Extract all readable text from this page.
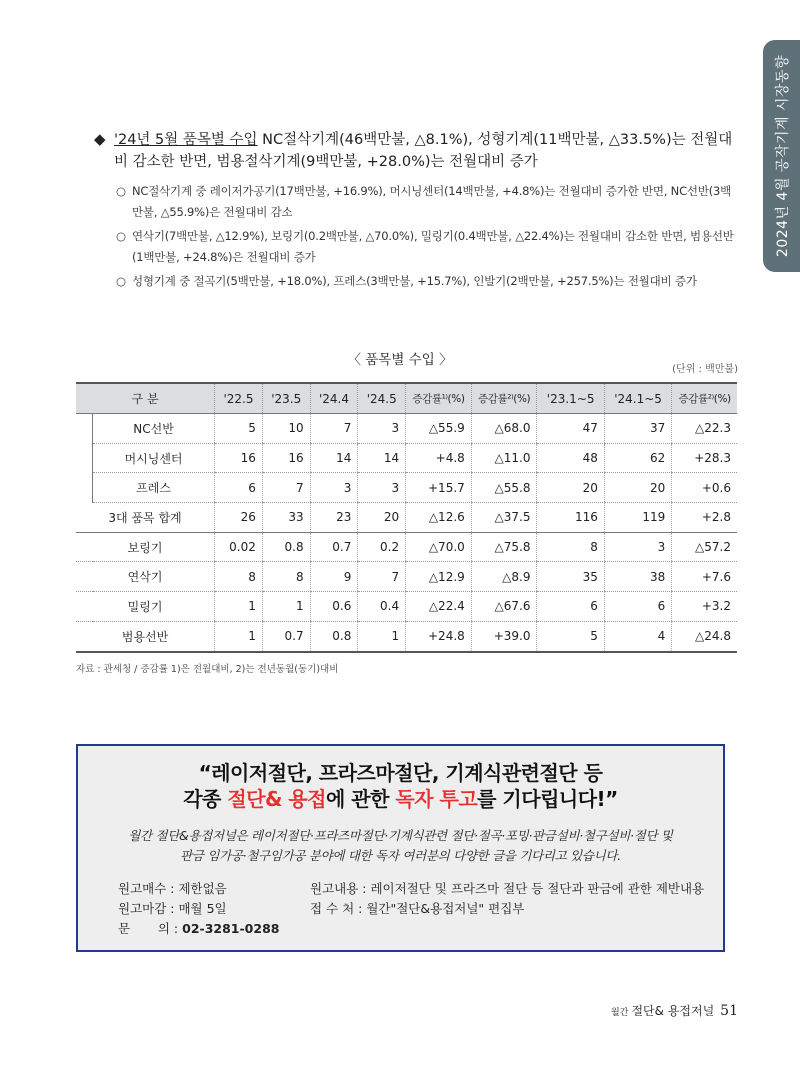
2024년 4월 공작기계 시장동향

◆ '24년 5월 품목별 수입 NC절삭기계(46백만불, △8.1%), 성형기계(11백만불, △33.5%)는 전월대비 감소한 반면, 범용절삭기계(9백만불, +28.0%)는 전월대비 증가

○ NC절삭기계 중 레이저가공기(17백만불, +16.9%), 머시닝센터(14백만불, +4.8%)는 전월대비 증가한 반면, NC선반(3백만불, △55.9%)은 전월대비 감소

○ 연삭기(7백만불, △12.9%), 보링기(0.2백만불, △70.0%), 밀링기(0.4백만불, △22.4%)는 전월대비 감소한 반면, 범용선반(1백만불, +24.8%)은 전월대비 증가

○ 성형기계 중 절곡기(5백만불, +18.0%), 프레스(3백만불, +15.7%), 인발기(2백만불, +257.5%)는 전월대비 증가

〈 품목별 수입 〉
(단위 : 백만불)
구 분		'22.5	'23.5	'24.4	'24.5	증감률¹⁾(%)	증감률²⁾(%)	'23.1~5	'24.1~5	증감률²⁾(%)
	NC선반	5	10	7	3	△55.9	△68.0	47	37	△22.3
	머시닝센터	16	16	14	14	+4.8	△11.0	48	62	+28.3
	프레스	6	7	3	3	+15.7	△55.8	20	20	+0.6
3대 품목 합계		26	33	23	20	△12.6	△37.5	116	119	+2.8
보링기		0.02	0.8	0.7	0.2	△70.0	△75.8	8	3	△57.2
연삭기		8	8	9	7	△12.9	△8.9	35	38	+7.6
밀링기		1	1	0.6	0.4	△22.4	△67.6	6	6	+3.2
범용선반		1	0.7	0.8	1	+24.8	+39.0	5	4	△24.8
자료 : 관세청 / 증감률 1)은 전월대비, 2)는 전년동월(동기)대비
“레이저절단, 프라즈마절단, 기계식관련절단 등
각종 절단& 용접에 관한 독자 투고를 기다립니다!”
월간 절단&용접저널은 레이저절단·프라즈마절단·기계식관련 절단·절곡·포밍·판금설비·철구설비·절단 및
판금 임가공·철구임가공 분야에 대한 독자 여러분의 다양한 글을 기다리고 있습니다.
원고매수 : 제한없음
원고마감 : 매월 5일
문       의 : 02-3281-0288
원고내용 : 레이저절단 및 프라즈마 절단 등 절단과 판금에 관한 제반내용
접 수 처 : 월간"절단&용접저널" 편집부
월간 절단& 용접저널 51
